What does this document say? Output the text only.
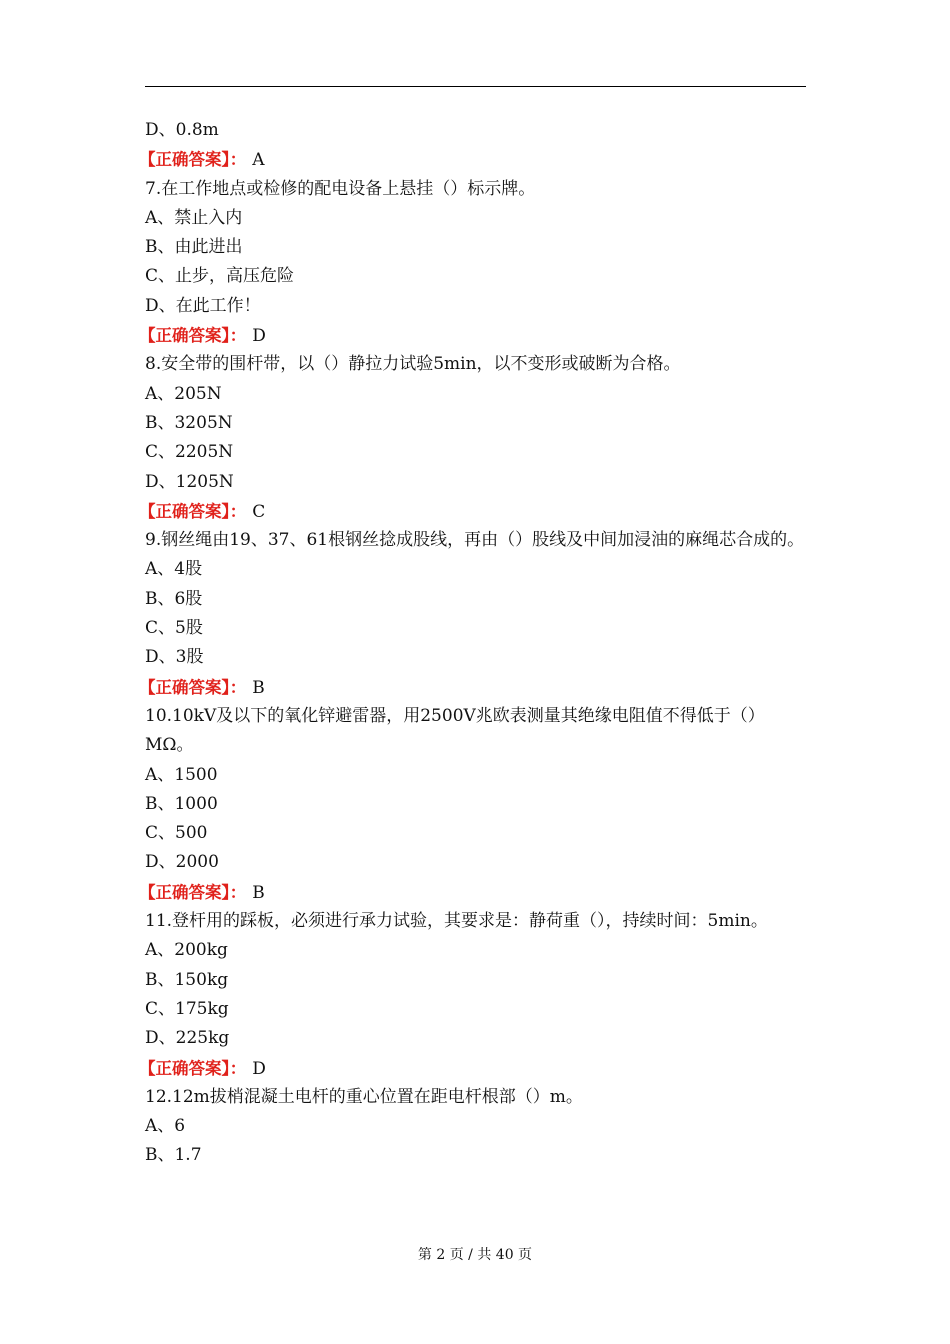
D、0.8m
【正确答案】： A
7.在工作地点或检修的配电设备上悬挂（）标示牌。
A、禁止入内
B、由此进出
C、止步，高压危险
D、在此工作！
【正确答案】： D
8.安全带的围杆带，以（）静拉力试验5min，以不变形或破断为合格。
A、205N
B、3205N
C、2205N
D、1205N
【正确答案】： C
9.钢丝绳由19、37、61根钢丝捻成股线，再由（）股线及中间加浸油的麻绳芯合成的。
A、4股
B、6股
C、5股
D、3股
【正确答案】： B
10.10kV及以下的氧化锌避雷器，用2500V兆欧表测量其绝缘电阻值不得低于（）MΩ。
A、1500
B、1000
C、500
D、2000
【正确答案】： B
11.登杆用的踩板，必须进行承力试验，其要求是：静荷重（），持续时间：5min。
A、200kg
B、150kg
C、175kg
D、225kg
【正确答案】： D
12.12m拔梢混凝土电杆的重心位置在距电杆根部（）m。
A、6
B、1.7
第 2 页 / 共 40 页
